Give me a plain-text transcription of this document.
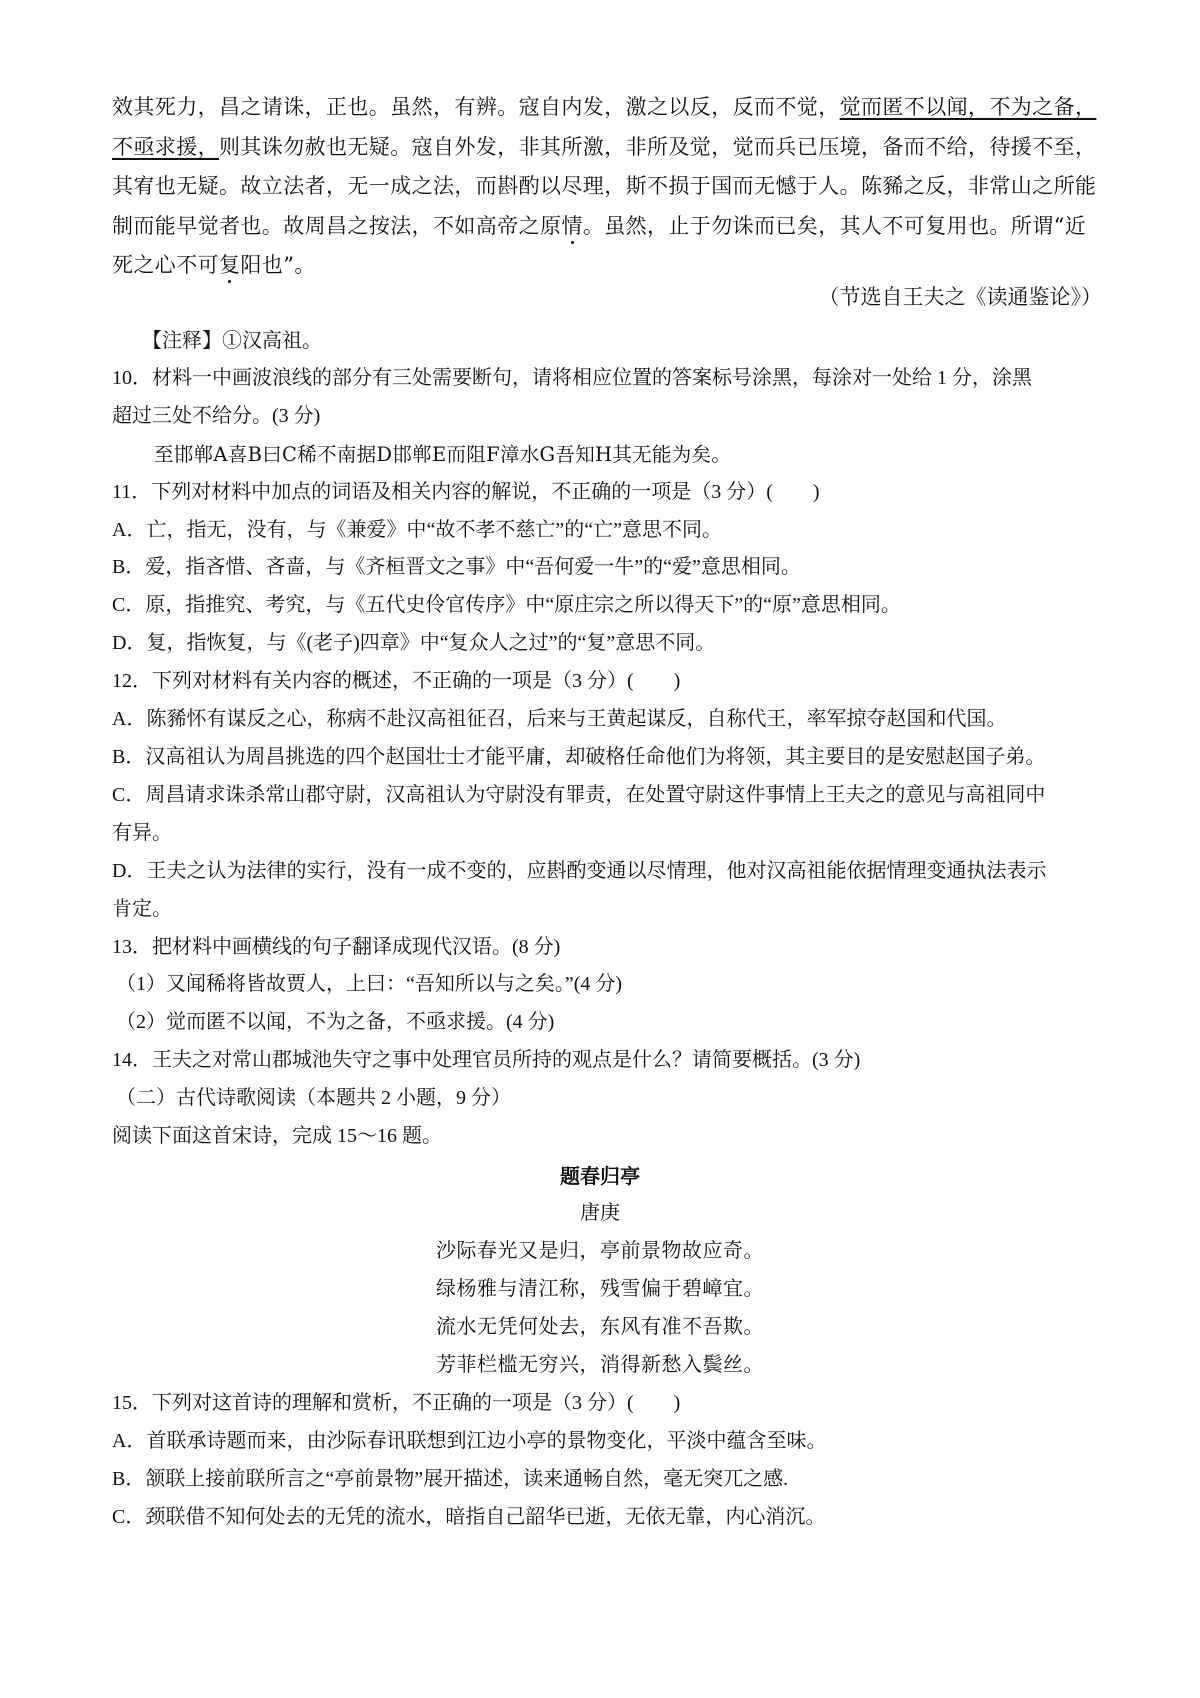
效其死力，昌之请诛，正也。虽然，有辨。寇自内发，激之以反，反而不觉，觉而匿不以闻，不为之备，

不亟求援，则其诛勿赦也无疑。寇自外发，非其所激，非所及觉，觉而兵已压境，备而不给，待援不至，

其宥也无疑。故立法者，无一成之法，而斟酌以尽理，斯不损于国而无憾于人。陈豨之反，非常山之所能

制而能早觉者也。故周昌之按法，不如高帝之原情。虽然，止于勿诛而已矣，其人不可复用也。所谓“近

死之心不可复阳也”。

（节选自王夫之《读通鉴论》）
【注释】①汉高祖。
10．材料一中画波浪线的部分有三处需要断句，请将相应位置的答案标号涂黑，每涂对一处给 1 分，涂黑
超过三处不给分。(3 分)
至邯郸A喜B曰C稀不南据D邯郸E而阻F漳水G吾知H其无能为矣。
11．下列对材料中加点的词语及相关内容的解说，不正确的一项是（3 分）(　　)
A．亡，指无，没有，与《兼爱》中“故不孝不慈亡”的“亡”意思不同。
B．爱，指吝惜、吝啬，与《齐桓晋文之事》中“吾何爱一牛”的“爱”意思相同。
C．原，指推究、考究，与《五代史伶官传序》中“原庄宗之所以得天下”的“原”意思相同。
D．复，指恢复，与《(老子)四章》中“复众人之过”的“复”意思不同。
12．下列对材料有关内容的概述，不正确的一项是（3 分）(　　)
A．陈豨怀有谋反之心，称病不赴汉高祖征召，后来与王黄起谋反，自称代王，率军掠夺赵国和代国。
B．汉高祖认为周昌挑选的四个赵国壮士才能平庸，却破格任命他们为将领，其主要目的是安慰赵国子弟。
C．周昌请求诛杀常山郡守尉，汉高祖认为守尉没有罪责，在处置守尉这件事情上王夫之的意见与高祖同中
有异。
D．王夫之认为法律的实行，没有一成不变的，应斟酌变通以尽情理，他对汉高祖能依据情理变通执法表示
肯定。
13．把材料中画横线的句子翻译成现代汉语。(8 分)
（1）又闻稀将皆故贾人，上曰：“吾知所以与之矣。”(4 分)
（2）觉而匿不以闻，不为之备，不亟求援。(4 分)
14．王夫之对常山郡城池失守之事中处理官员所持的观点是什么？请简要概括。(3 分)
（二）古代诗歌阅读（本题共 2 小题，9 分）
阅读下面这首宋诗，完成 15～16 题。
题春归亭
唐庚
沙际春光又是归，亭前景物故应奇。
绿杨雅与清江称，残雪偏于碧嶂宜。
流水无凭何处去，东风有准不吾欺。
芳菲栏槛无穷兴，消得新愁入鬓丝。
15．下列对这首诗的理解和赏析，不正确的一项是（3 分）(　　)
A．首联承诗题而来，由沙际春讯联想到江边小亭的景物变化，平淡中蕴含至味。
B．颔联上接前联所言之“亭前景物”展开描述，读来通畅自然，毫无突兀之感.
C．颈联借不知何处去的无凭的流水，暗指自己韶华已逝，无依无靠，内心消沉。
